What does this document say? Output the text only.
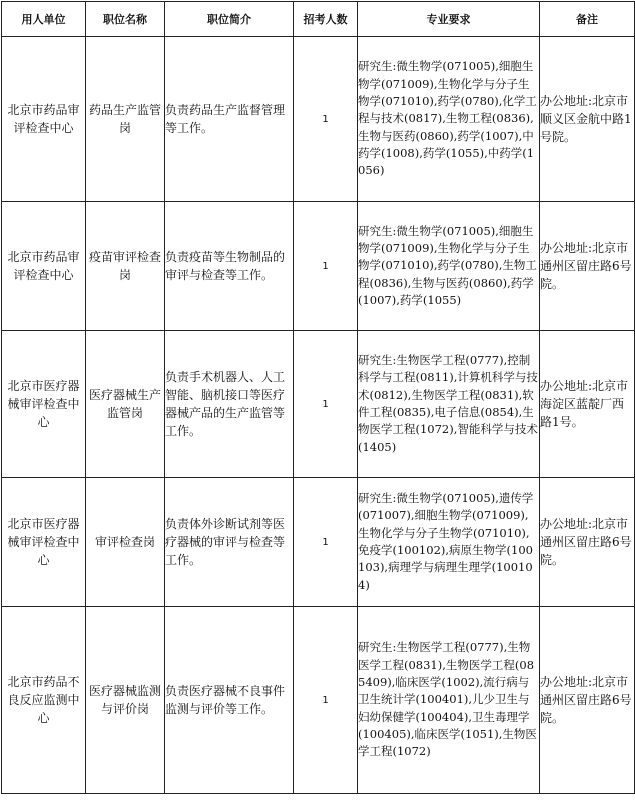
用人单位	职位名称	职位简介	招考人数	专业要求	备注
北京市药品审评检查中心	药品生产监管岗	负责药品生产监督管理等工作。	1	研究生:微生物学(071005),细胞生物学(071009),生物化学与分子生物学(071010),药学(0780),化学工程与技术(0817),生物工程(0836),生物与医药(0860),药学(1007),中药学(1008),药学(1055),中药学(1056)	办公地址:北京市顺义区金航中路1号院。
北京市药品审评检查中心	疫苗审评检查岗	负责疫苗等生物制品的审评与检查等工作。	1	研究生:微生物学(071005),细胞生物学(071009),生物化学与分子生物学(071010),药学(0780),生物工程(0836),生物与医药(0860),药学(1007),药学(1055)	办公地址:北京市通州区留庄路6号院。
北京市医疗器械审评检查中心	医疗器械生产监管岗	负责手术机器人、人工智能、脑机接口等医疗器械产品的生产监管等工作。	1	研究生:生物医学工程(0777),控制科学与工程(0811),计算机科学与技术(0812),生物医学工程(0831),软件工程(0835),电子信息(0854),生物医学工程(1072),智能科学与技术(1405)	办公地址:北京市海淀区蓝靛厂西路1号。
北京市医疗器械审评检查中心	审评检查岗	负责体外诊断试剂等医疗器械的审评与检查等工作。	1	研究生:微生物学(071005),遗传学(071007),细胞生物学(071009),生物化学与分子生物学(071010),免疫学(100102),病原生物学(100103),病理学与病理生理学(100104)	办公地址:北京市通州区留庄路6号院。
北京市药品不良反应监测中心	医疗器械监测与评价岗	负责医疗器械不良事件监测与评价等工作。	1	研究生:生物医学工程(0777),生物医学工程(0831),生物医学工程(085409),临床医学(1002),流行病与卫生统计学(100401),儿少卫生与妇幼保健学(100404),卫生毒理学(100405),临床医学(1051),生物医学工程(1072)	办公地址:北京市通州区留庄路6号院。
